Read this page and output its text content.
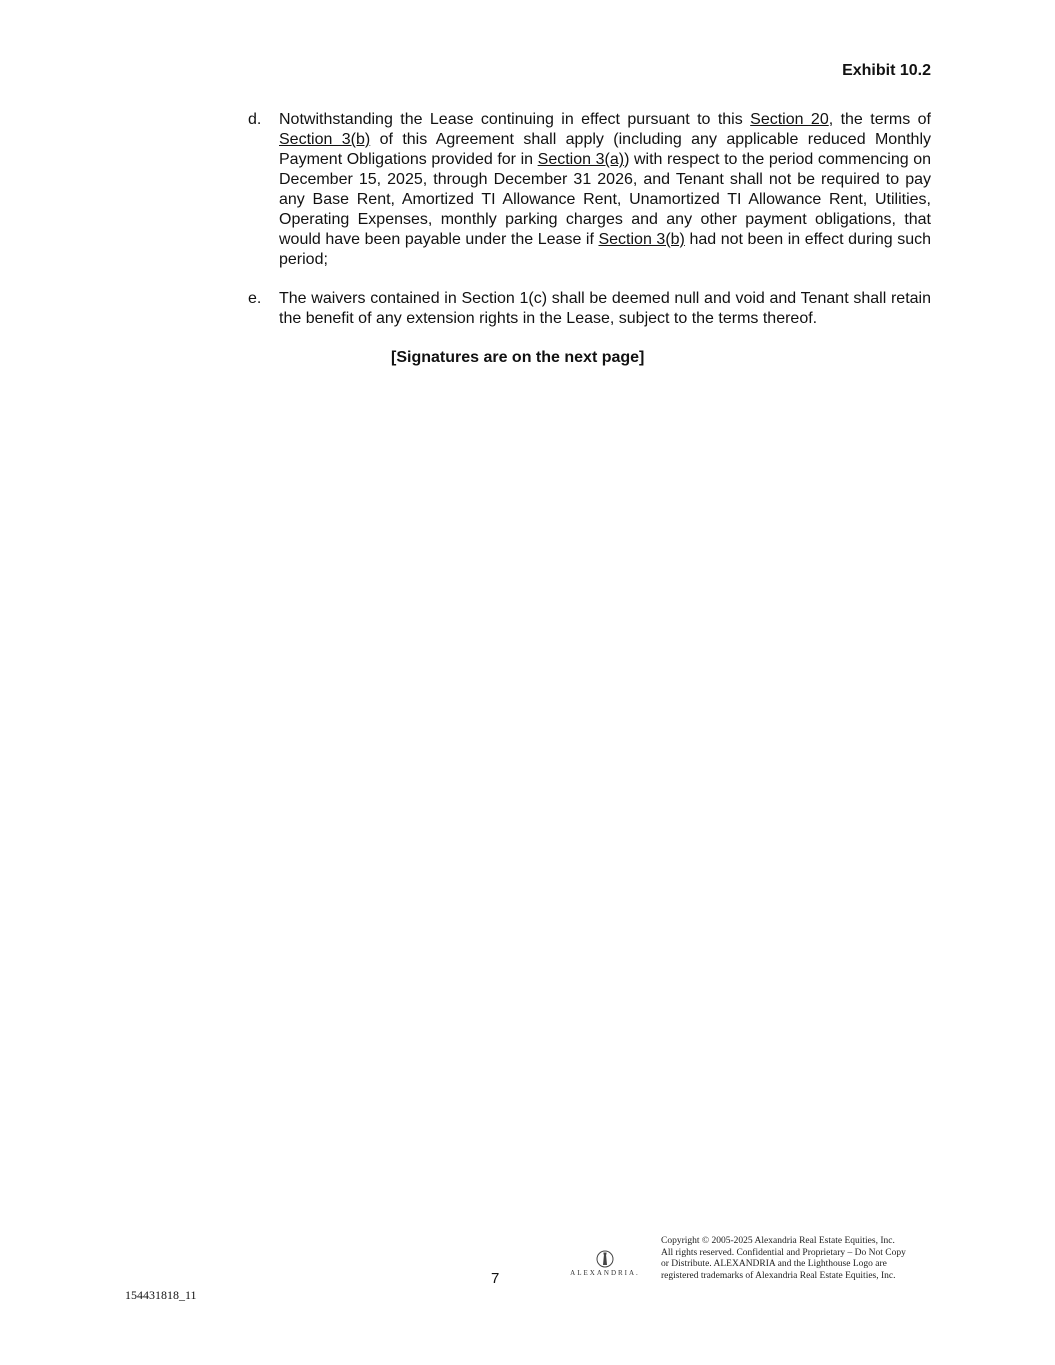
Exhibit 10.2
d. Notwithstanding the Lease continuing in effect pursuant to this Section 20, the terms of Section 3(b) of this Agreement shall apply (including any applicable reduced Monthly Payment Obligations provided for in Section 3(a)) with respect to the period commencing on December 15, 2025, through December 31 2026, and Tenant shall not be required to pay any Base Rent, Amortized TI Allowance Rent, Unamortized TI Allowance Rent, Utilities, Operating Expenses, monthly parking charges and any other payment obligations, that would have been payable under the Lease if Section 3(b) had not been in effect during such period;
e. The waivers contained in Section 1(c) shall be deemed null and void and Tenant shall retain the benefit of any extension rights in the Lease, subject to the terms thereof.
[Signatures are on the next page]
7
154431818_11
ALEXANDRIA.
Copyright © 2005-2025 Alexandria Real Estate Equities, Inc.
All rights reserved. Confidential and Proprietary – Do Not Copy
or Distribute. ALEXANDRIA and the Lighthouse Logo are
registered trademarks of Alexandria Real Estate Equities, Inc.
